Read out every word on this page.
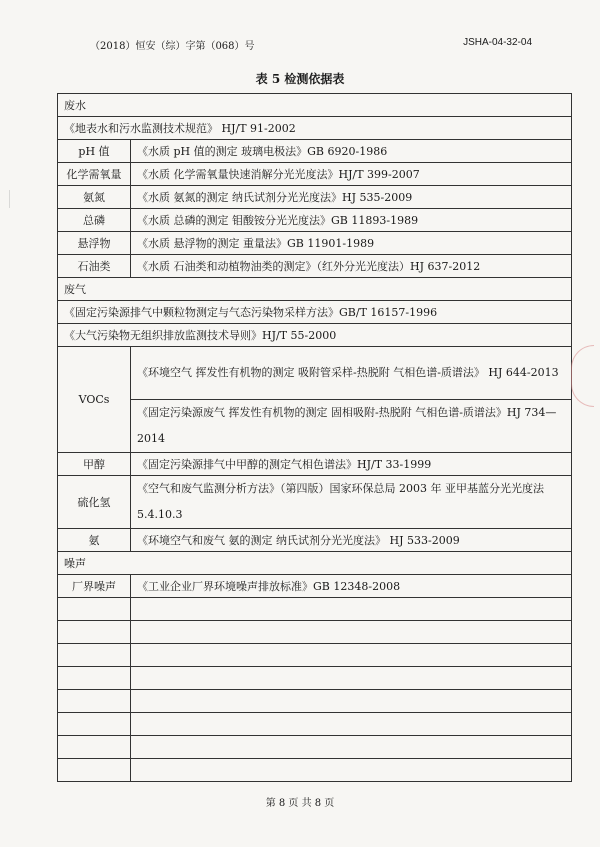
（2018）恒安（综）字第（068）号	JSHA-04-32-04
表 5 检测依据表
废水	
《地表水和污水监测技术规范》 HJ/T 91-2002	
pH 值	《水质 pH 值的测定 玻璃电极法》GB 6920-1986
化学需氧量	《水质 化学需氧量快速消解分光光度法》HJ/T 399-2007
氨氮	《水质 氨氮的测定 纳氏试剂分光光度法》HJ 535-2009
总磷	《水质 总磷的测定 钼酸铵分光光度法》GB 11893-1989
悬浮物	《水质 悬浮物的测定 重量法》GB 11901-1989
石油类	《水质 石油类和动植物油类的测定》（红外分光光度法）HJ 637-2012
废气	
《固定污染源排气中颗粒物测定与气态污染物采样方法》GB/T 16157-1996	
《大气污染物无组织排放监测技术导则》HJ/T 55-2000	
VOCs	《环境空气 挥发性有机物的测定 吸附管采样-热脱附 气相色谱-质谱法》 HJ 644-2013
	《固定污染源废气 挥发性有机物的测定 固相吸附-热脱附 气相色谱-质谱法》HJ 734—2014
甲醇	《固定污染源排气中甲醇的测定气相色谱法》HJ/T 33-1999
硫化氢	《空气和废气监测分析方法》（第四版）国家环保总局 2003 年 亚甲基蓝分光光度法 5.4.10.3
氨	《环境空气和废气 氨的测定 纳氏试剂分光光度法》 HJ 533-2009
噪声	
厂界噪声	《工业企业厂界环境噪声排放标准》GB 12348-2008

第 8 页 共 8 页
